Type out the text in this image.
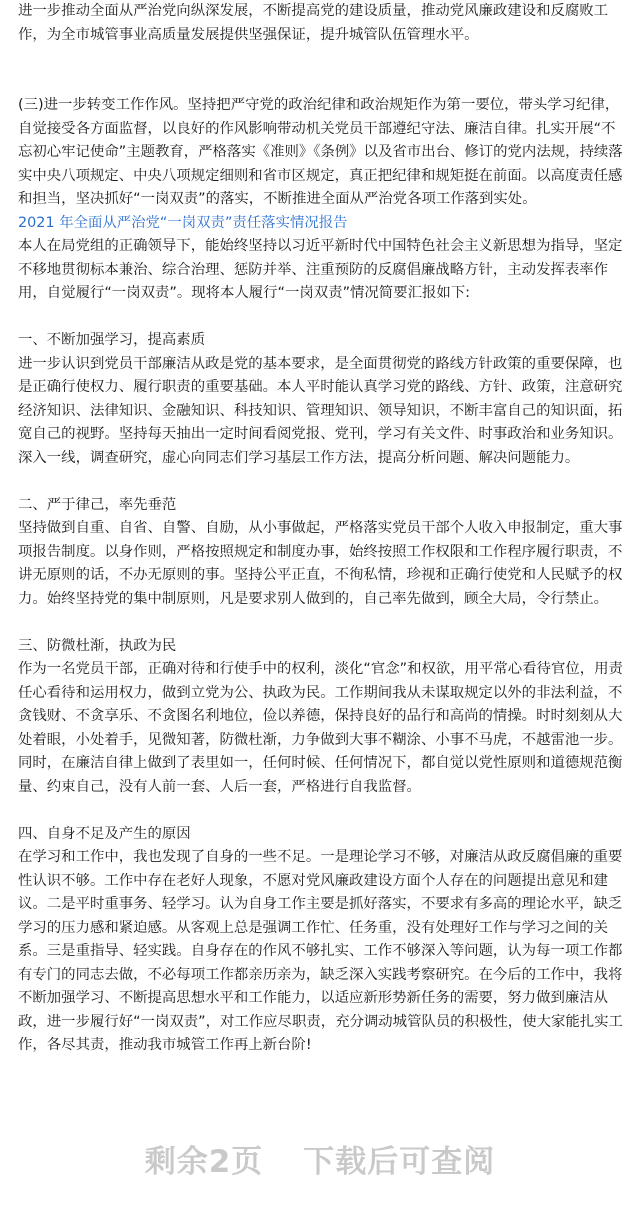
进一步推动全面从严治党向纵深发展，不断提高党的建设质量，推动党风廉政建设和反腐败工作，为全市城管事业高质量发展提供坚强保证，提升城管队伍管理水平。

(三)进一步转变工作作风。坚持把严守党的政治纪律和政治规矩作为第一要位，带头学习纪律，自觉接受各方面监督，以良好的作风影响带动机关党员干部遵纪守法、廉洁自律。扎实开展“不忘初心牢记使命”主题教育，严格落实《准则》《条例》以及省市出台、修订的党内法规，持续落实中央八项规定、中央八项规定细则和省市区规定，真正把纪律和规矩挺在前面。以高度责任感和担当，坚决抓好“一岗双责”的落实，不断推进全面从严治党各项工作落到实处。

2021 年全面从严治党“一岗双责”责任落实情况报告

本人在局党组的正确领导下，能始终坚持以习近平新时代中国特色社会主义新思想为指导，坚定不移地贯彻标本兼治、综合治理、惩防并举、注重预防的反腐倡廉战略方针，主动发挥表率作用，自觉履行“一岗双责”。现将本人履行“一岗双责”情况简要汇报如下:

一、不断加强学习，提高素质

进一步认识到党员干部廉洁从政是党的基本要求，是全面贯彻党的路线方针政策的重要保障，也是正确行使权力、履行职责的重要基础。本人平时能认真学习党的路线、方针、政策，注意研究经济知识、法律知识、金融知识、科技知识、管理知识、领导知识，不断丰富自己的知识面，拓宽自己的视野。坚持每天抽出一定时间看阅党报、党刊，学习有关文件、时事政治和业务知识。深入一线，调查研究，虚心向同志们学习基层工作方法，提高分析问题、解决问题能力。

二、严于律己，率先垂范

坚持做到自重、自省、自警、自励，从小事做起，严格落实党员干部个人收入申报制定，重大事项报告制度。以身作则，严格按照规定和制度办事，始终按照工作权限和工作程序履行职责，不讲无原则的话，不办无原则的事。坚持公平正直，不徇私情，珍视和正确行使党和人民赋予的权力。始终坚持党的集中制原则，凡是要求别人做到的，自己率先做到，顾全大局，令行禁止。

三、防微杜渐，执政为民

作为一名党员干部，正确对待和行使手中的权利，淡化“官念”和权欲，用平常心看待官位，用责任心看待和运用权力，做到立党为公、执政为民。工作期间我从未谋取规定以外的非法利益，不贪钱财、不贪享乐、不贪图名利地位，俭以养德，保持良好的品行和高尚的情操。时时刻刻从大处着眼，小处着手，见微知著，防微杜渐，力争做到大事不糊涂、小事不马虎，不越雷池一步。同时，在廉洁自律上做到了表里如一，任何时候、任何情况下，都自觉以党性原则和道德规范衡量、约束自己，没有人前一套、人后一套，严格进行自我监督。

四、自身不足及产生的原因

在学习和工作中，我也发现了自身的一些不足。一是理论学习不够，对廉洁从政反腐倡廉的重要性认识不够。工作中存在老好人现象，不愿对党风廉政建设方面个人存在的问题提出意见和建议。二是平时重事务、轻学习。认为自身工作主要是抓好落实，不要求有多高的理论水平，缺乏学习的压力感和紧迫感。从客观上总是强调工作忙、任务重，没有处理好工作与学习之间的关系。三是重指导、轻实践。自身存在的作风不够扎实、工作不够深入等问题，认为每一项工作都有专门的同志去做，不必每项工作都亲历亲为，缺乏深入实践考察研究。在今后的工作中，我将不断加强学习、不断提高思想水平和工作能力，以适应新形势新任务的需要，努力做到廉洁从政，进一步履行好“一岗双责”，对工作应尽职责，充分调动城管队员的积极性，使大家能扎实工作，各尽其责，推动我市城管工作再上新台阶!

剩余2页 下载后可查阅
